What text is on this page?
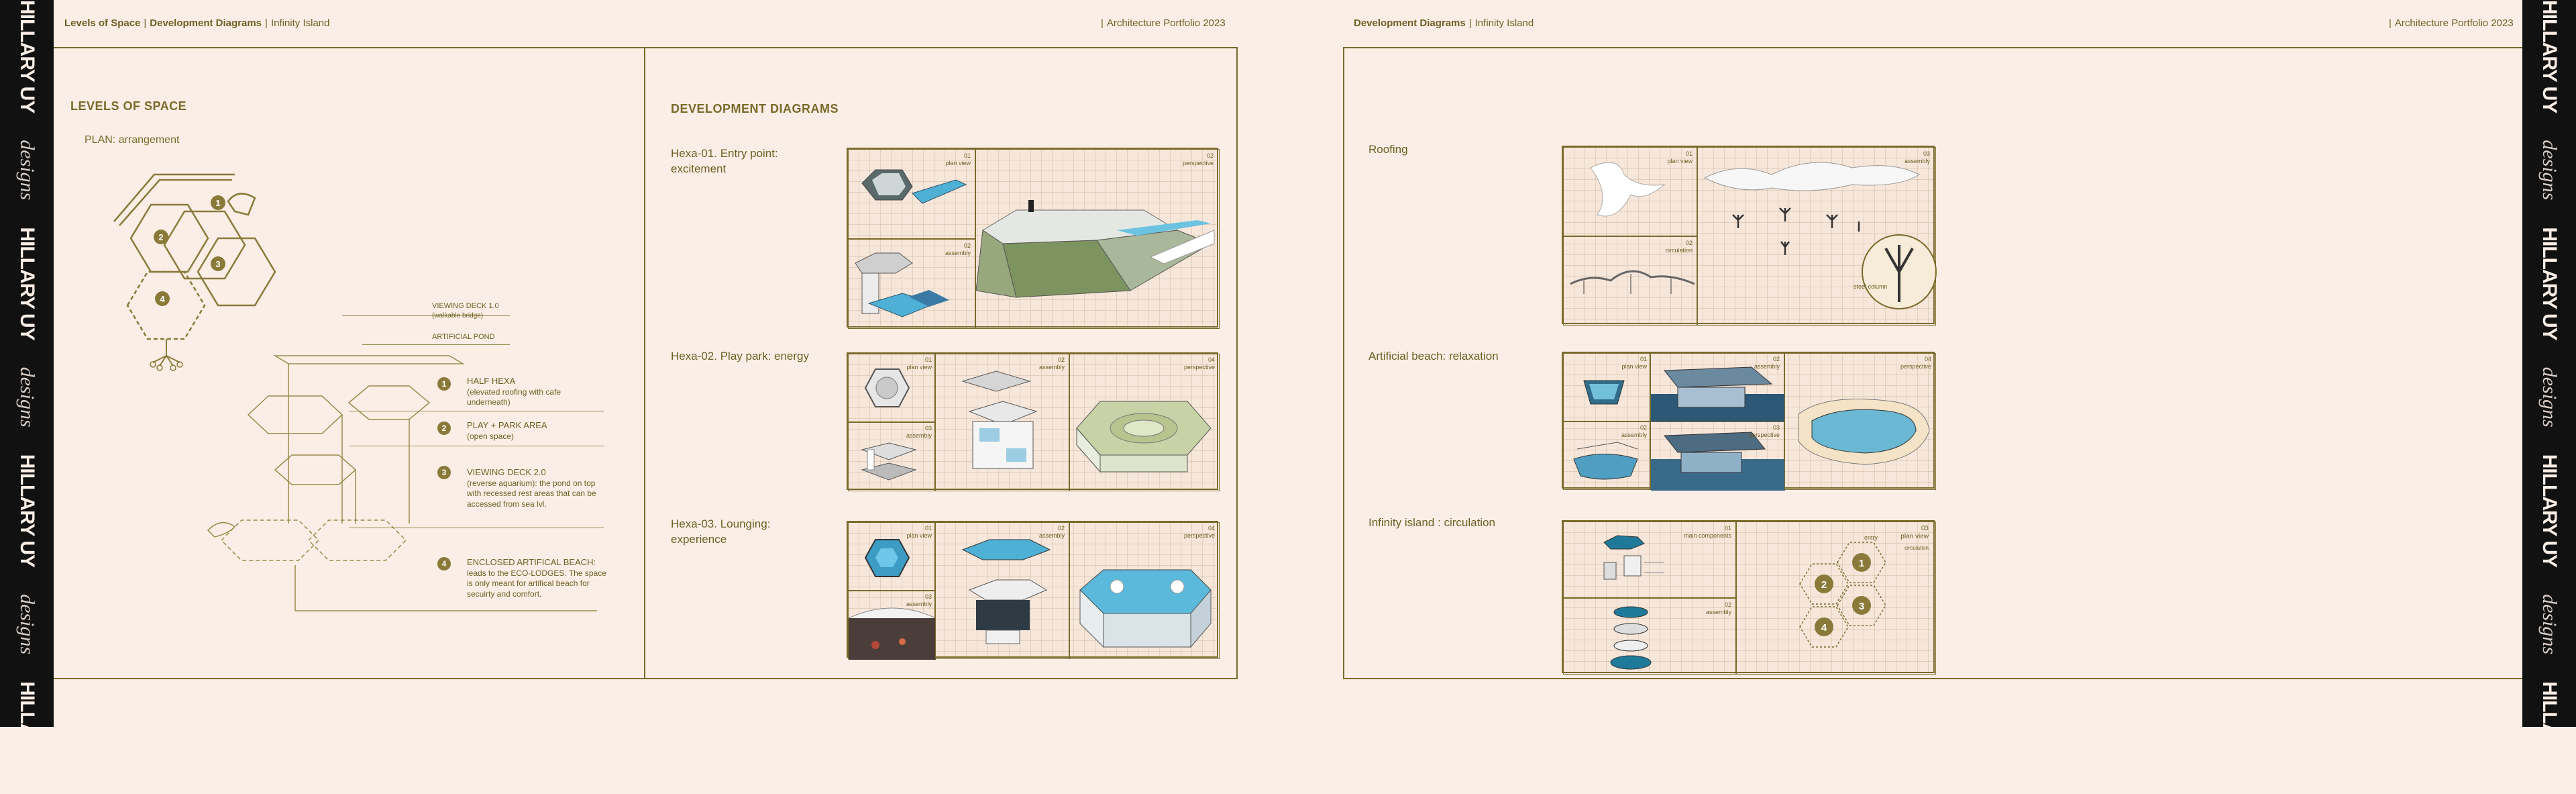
HILLARY UY
designs
HILLARY UY
designs
HILLARY UY
designs
HILLARY UY
HILLARY UY
designs
HILLARY UY
designs
HILLARY UY
designs
HILLARY UY
Levels of Space | Development Diagrams | Infinity Island	| Architecture Portfolio 2023	Development Diagrams | Infinity Island	| Architecture Portfolio 2023
LEVELS OF SPACE
PLAN: arrangement
1
2
3
4
VIEWING DECK 1.0
(walkable bridge)
ARTIFICIAL POND
1	HALF HEXA
(elevated roofing with cafe underneath)
2	PLAY + PARK AREA
(open space)
3	VIEWING DECK 2.0
(reverse aquarium): the pond on top with recessed rest areas that can be accessed from sea lvl.
4	ENCLOSED ARTIFICAL BEACH:
leads to the ECO-LODGES. The space is only meant for artifical beach for secuirty and comfort.
DEVELOPMENT DIAGRAMS
Hexa-01. Entry point: excitement
Hexa-02. Play park: energy
Hexa-03. Lounging: experience
01
plan view
02
perspective
02
assembly
01
plan view
03
assembly
02
assembly
04
perspective
01
plan view
03
assembly
02
assembly
04
perspective
Roofing
Artificial beach: relaxation
Infinity island : circulation
01
plan view
03
assembly
steel column
02
circulation
01
plan view
02
assembly
02
assembly
03
perspective
04
perspective
01
main components
02
assembly
03
plan view
circulation
entry
1
2
3
4
